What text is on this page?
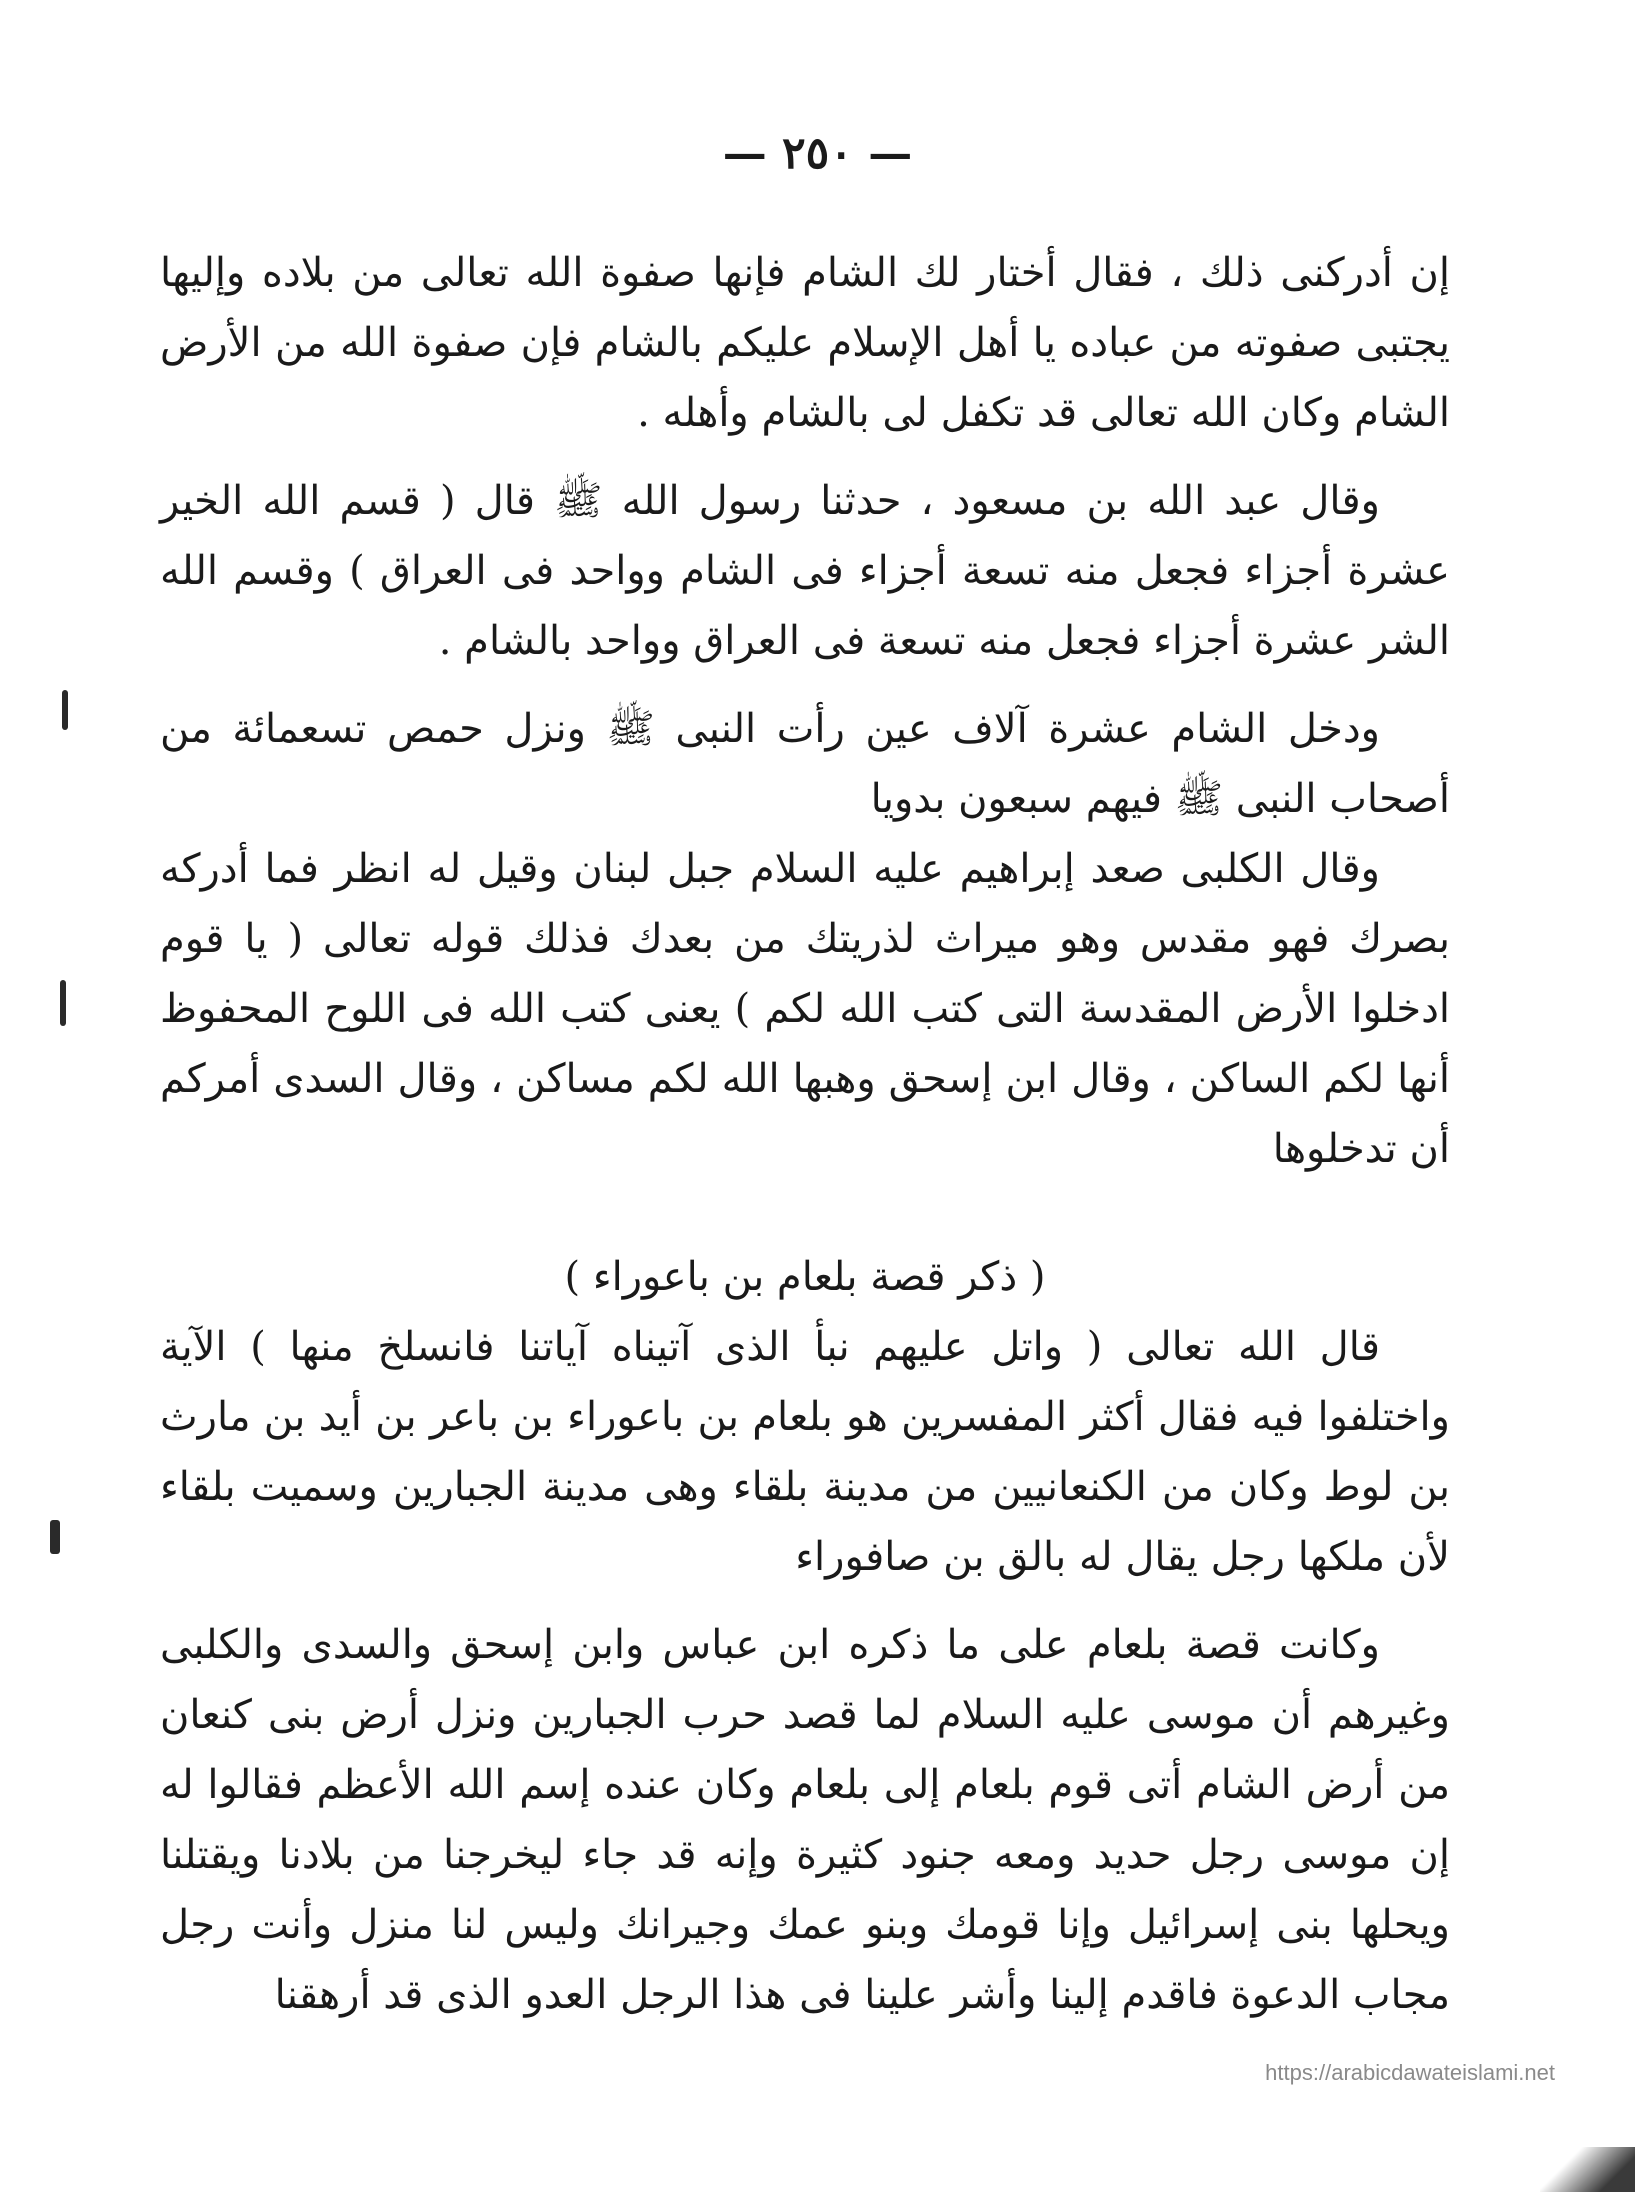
— ٢٥٠ —

إن أدركنى ذلك ، فقال أختار لك الشام فإنها صفوة الله تعالى من بلاده وإليها يجتبى صفوته من عباده يا أهل الإسلام عليكم بالشام فإن صفوة الله من الأرض الشام وكان الله تعالى قد تكفل لى بالشام وأهله .

وقال عبد الله بن مسعود ، حدثنا رسول الله ﷺ قال ( قسم الله الخير عشرة أجزاء فجعل منه تسعة أجزاء فى الشام وواحد فى العراق ) وقسم الله الشر عشرة أجزاء فجعل منه تسعة فى العراق وواحد بالشام .

ودخل الشام عشرة آلاف عين رأت النبى ﷺ ونزل حمص تسعمائة من أصحاب النبى ﷺ فيهم سبعون بدويا

وقال الكلبى صعد إبراهيم عليه السلام جبل لبنان وقيل له انظر فما أدركه بصرك فهو مقدس وهو ميراث لذريتك من بعدك فذلك قوله تعالى ( يا قوم ادخلوا الأرض المقدسة التى كتب الله لكم ) يعنى كتب الله فى اللوح المحفوظ أنها لكم الساكن ، وقال ابن إسحق وهبها الله لكم مساكن ، وقال السدى أمركم أن تدخلوها

( ذكر قصة بلعام بن باعوراء )

قال الله تعالى ( واتل عليهم نبأ الذى آتيناه آياتنا فانسلخ منها ) الآية واختلفوا فيه فقال أكثر المفسرين هو بلعام بن باعوراء بن باعر بن أيد بن مارث بن لوط وكان من الكنعانيين من مدينة بلقاء وهى مدينة الجبارين وسميت بلقاء لأن ملكها رجل يقال له بالق بن صافوراء

وكانت قصة بلعام على ما ذكره ابن عباس وابن إسحق والسدى والكلبى وغيرهم أن موسى عليه السلام لما قصد حرب الجبارين ونزل أرض بنى كنعان من أرض الشام أتى قوم بلعام إلى بلعام وكان عنده إسم الله الأعظم فقالوا له إن موسى رجل حديد ومعه جنود كثيرة وإنه قد جاء ليخرجنا من بلادنا ويقتلنا ويحلها بنى إسرائيل وإنا قومك وبنو عمك وجيرانك وليس لنا منزل وأنت رجل مجاب الدعوة فاقدم إلينا وأشر علينا فى هذا الرجل العدو الذى قد أرهقنا

https://arabicdawateislami.net
